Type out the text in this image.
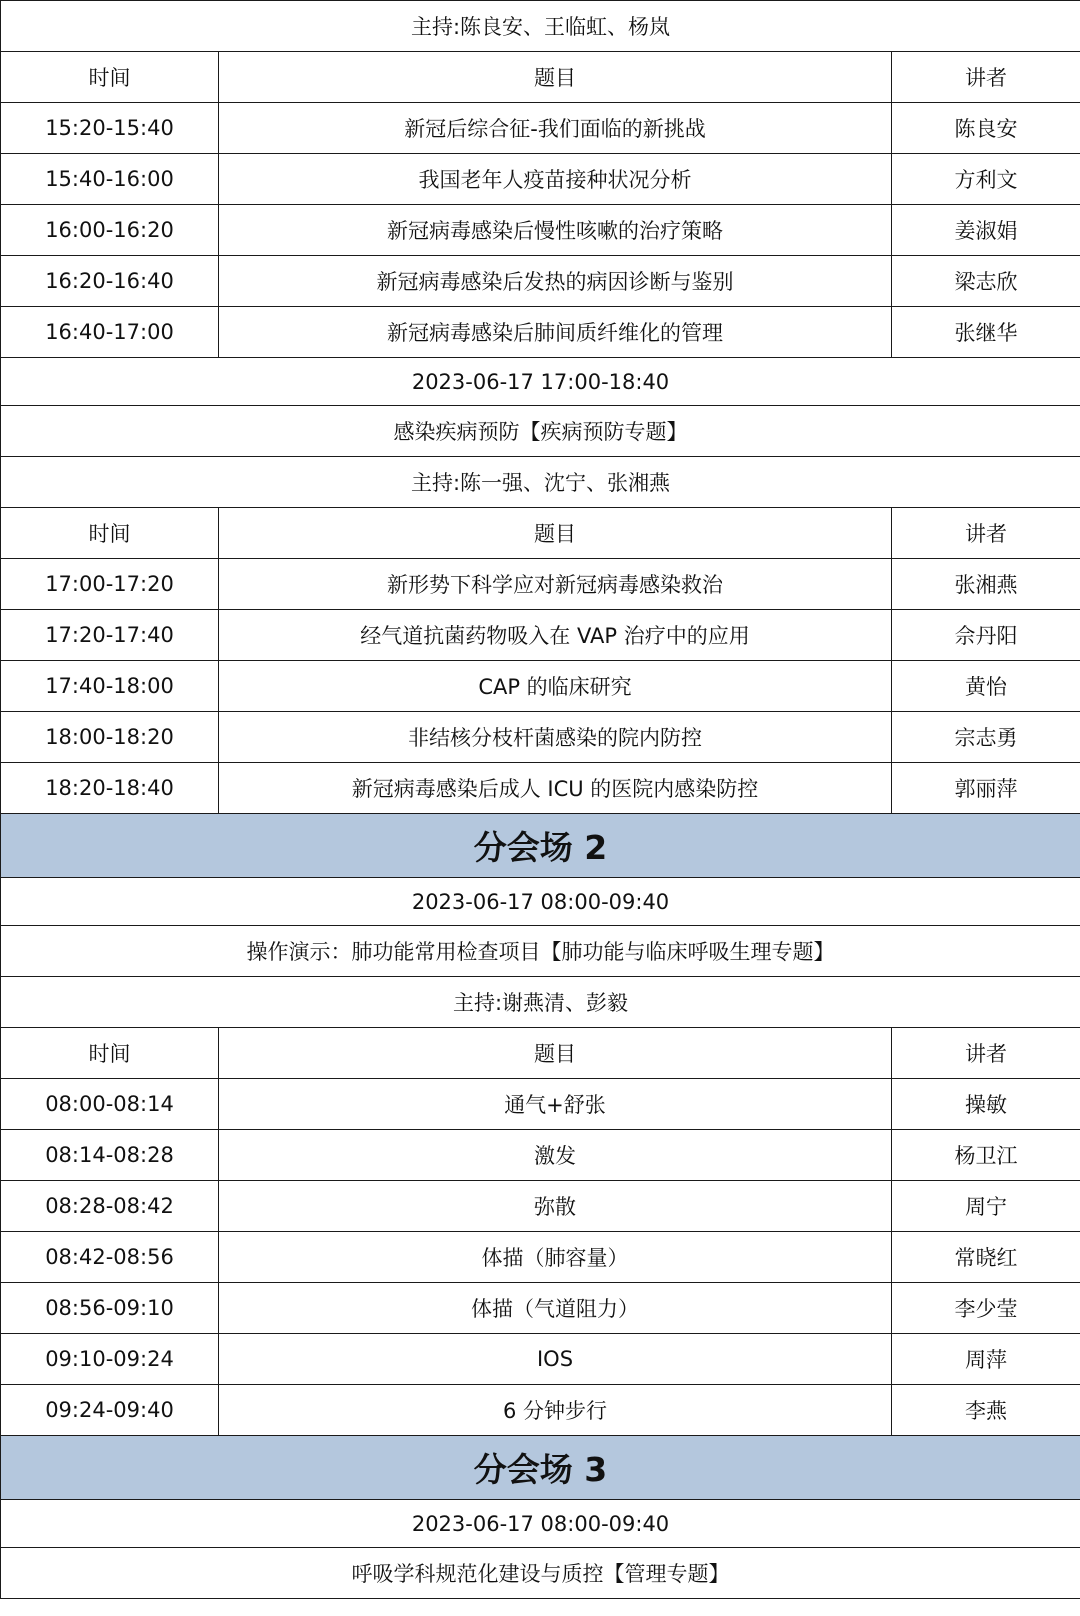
主持:陈良安、王临虹、杨岚		
时间	题目	讲者
15:20-15:40	新冠后综合征-我们面临的新挑战	陈良安
15:40-16:00	我国老年人疫苗接种状况分析	方利文
16:00-16:20	新冠病毒感染后慢性咳嗽的治疗策略	姜淑娟
16:20-16:40	新冠病毒感染后发热的病因诊断与鉴别	梁志欣
16:40-17:00	新冠病毒感染后肺间质纤维化的管理	张继华
2023-06-17 17:00-18:40		
感染疾病预防【疾病预防专题】		
主持:陈一强、沈宁、张湘燕		
时间	题目	讲者
17:00-17:20	新形势下科学应对新冠病毒感染救治	张湘燕
17:20-17:40	经气道抗菌药物吸入在 VAP 治疗中的应用	佘丹阳
17:40-18:00	CAP 的临床研究	黄怡
18:00-18:20	非结核分枝杆菌感染的院内防控	宗志勇
18:20-18:40	新冠病毒感染后成人 ICU 的医院内感染防控	郭丽萍
分会场 2		
2023-06-17 08:00-09:40		
操作演示：肺功能常用检查项目【肺功能与临床呼吸生理专题】		
主持:谢燕清、彭毅		
时间	题目	讲者
08:00-08:14	通气+舒张	操敏
08:14-08:28	激发	杨卫江
08:28-08:42	弥散	周宁
08:42-08:56	体描（肺容量）	常晓红
08:56-09:10	体描（气道阻力）	李少莹
09:10-09:24	IOS	周萍
09:24-09:40	6 分钟步行	李燕
分会场 3		
2023-06-17 08:00-09:40		
呼吸学科规范化建设与质控【管理专题】		
